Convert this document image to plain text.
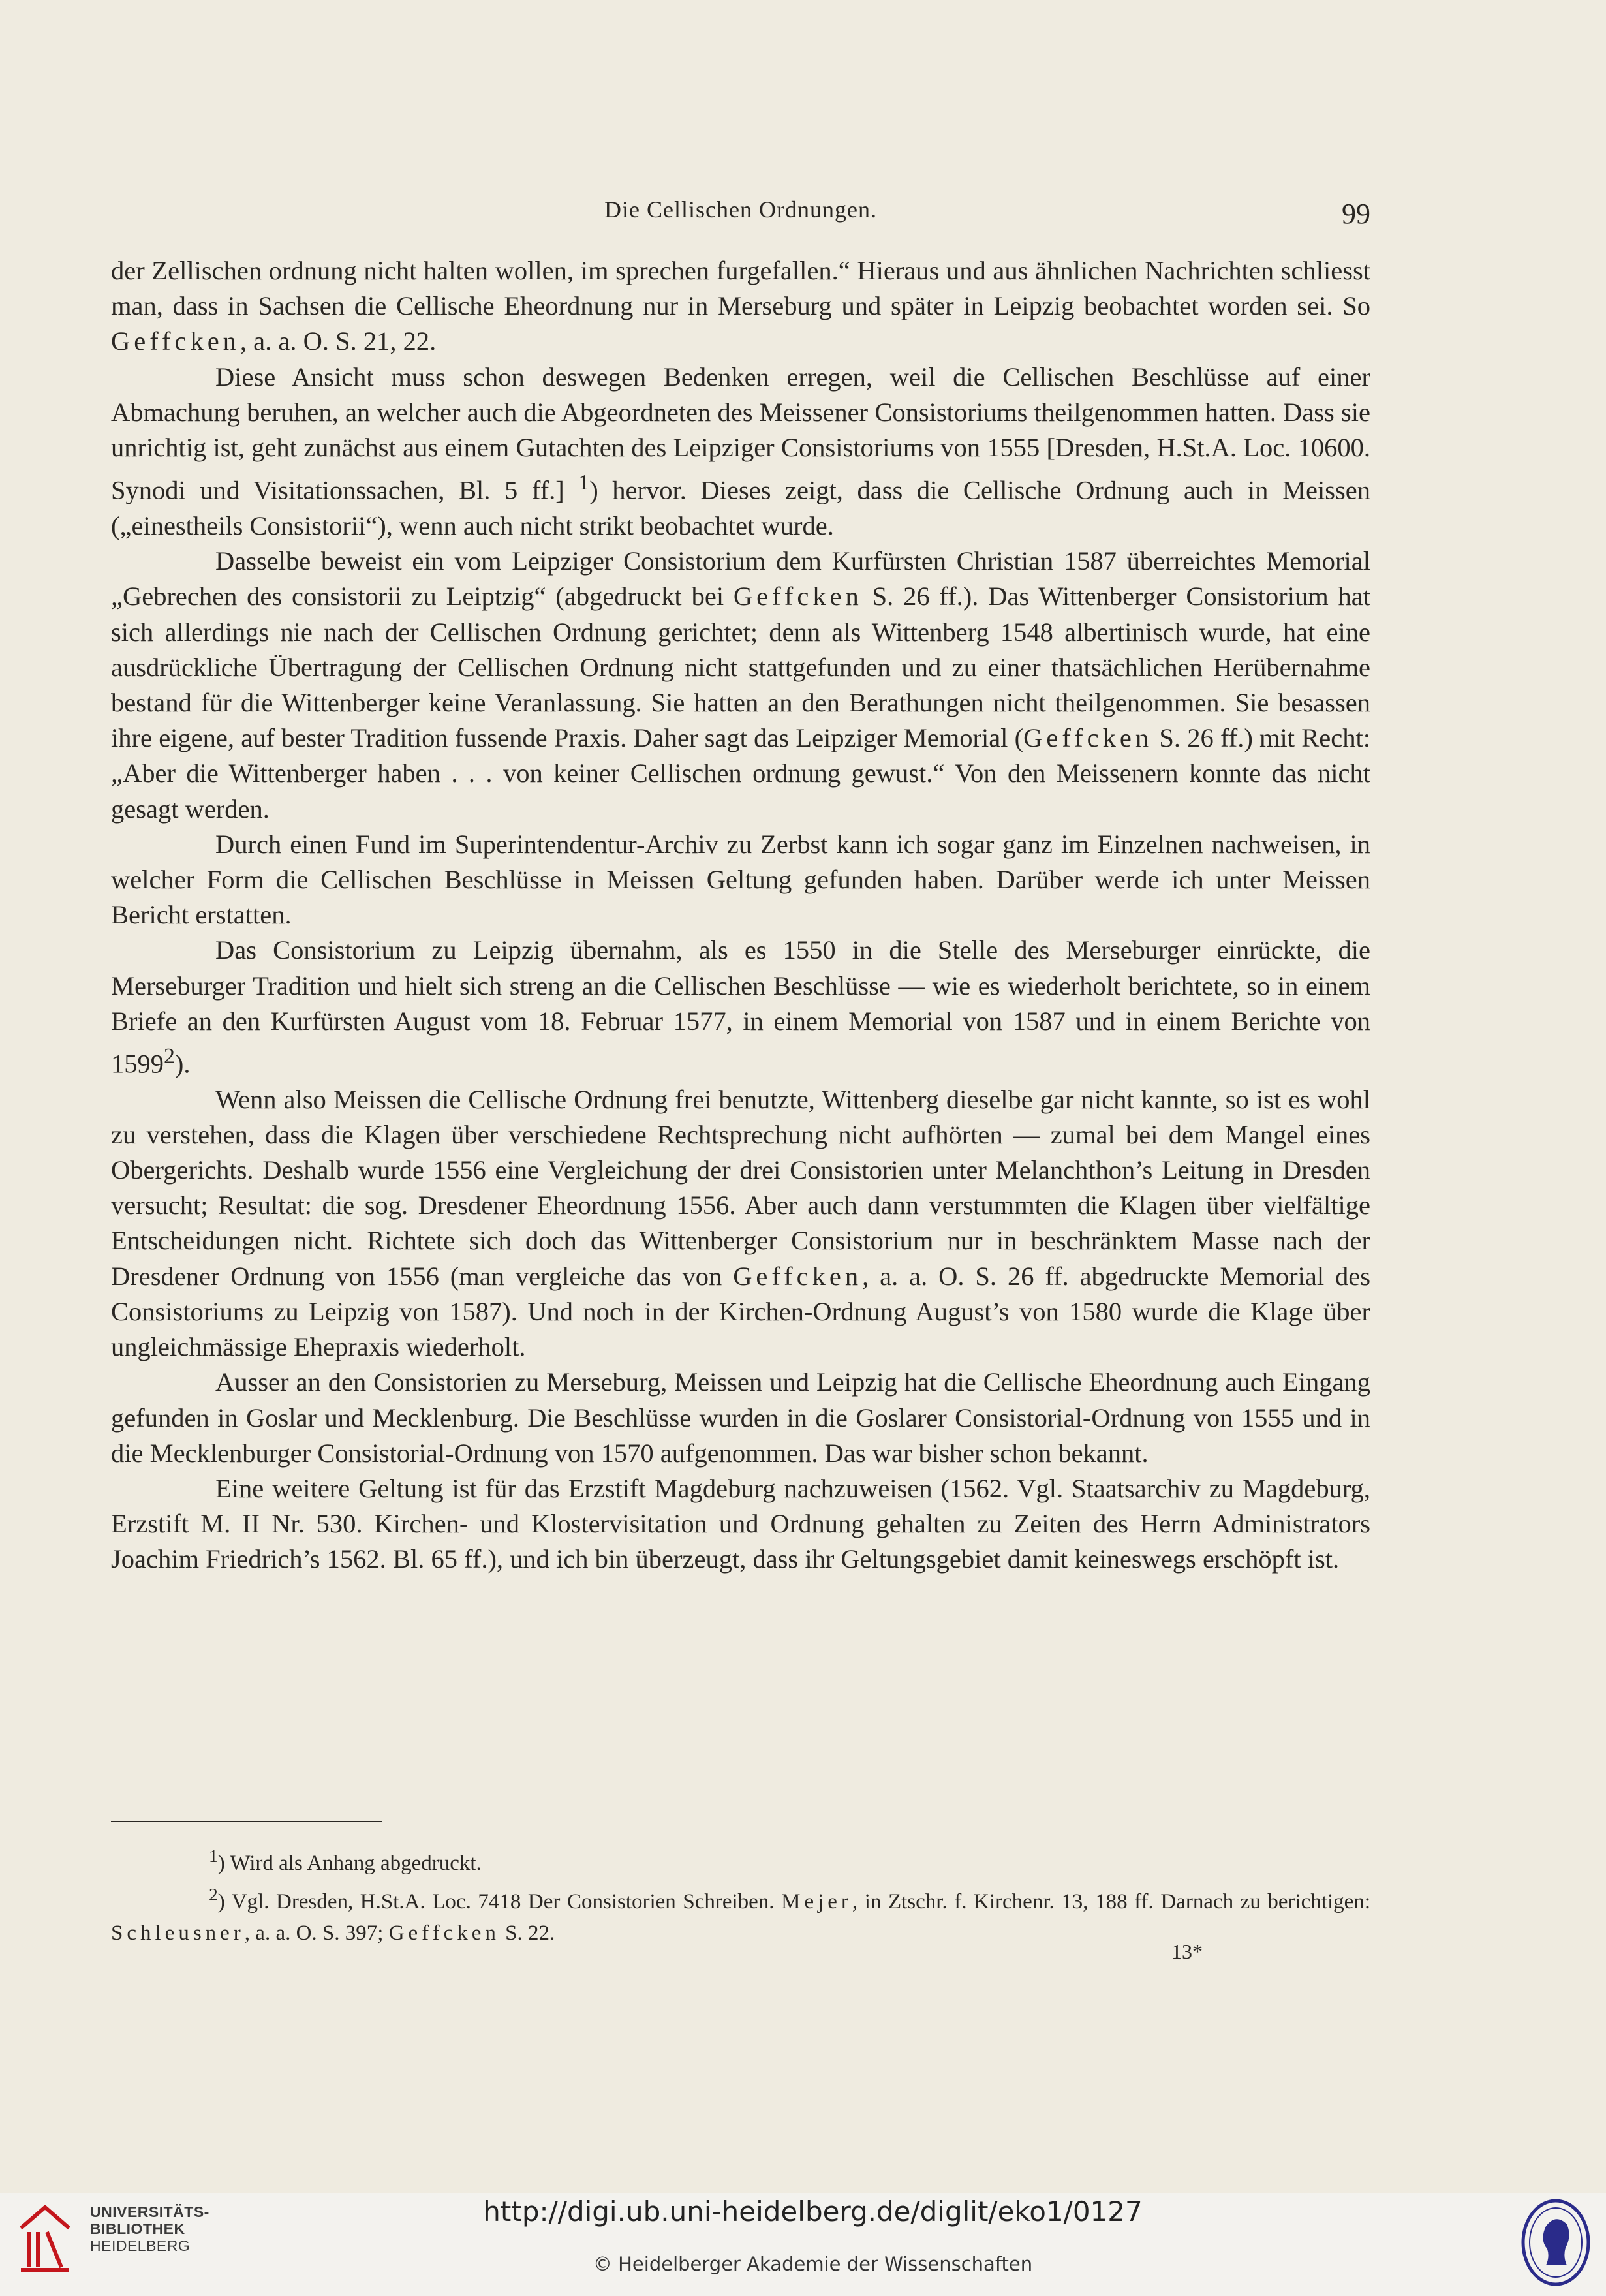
Die Cellischen Ordnungen.	99

der Zellischen ordnung nicht halten wollen, im sprechen furgefallen.“ Hieraus und aus ähnlichen Nachrichten schliesst man, dass in Sachsen die Cellische Eheordnung nur in Merseburg und später in Leipzig beobachtet worden sei. So Geffcken, a. a. O. S. 21, 22.

Diese Ansicht muss schon deswegen Bedenken erregen, weil die Cellischen Beschlüsse auf einer Abmachung beruhen, an welcher auch die Abgeordneten des Meissener Consistoriums theilgenommen hatten. Dass sie unrichtig ist, geht zunächst aus einem Gutachten des Leipziger Consistoriums von 1555 [Dresden, H.St.A. Loc. 10600. Synodi und Visitationssachen, Bl. 5 ff.] $^1$) hervor. Dieses zeigt, dass die Cellische Ordnung auch in Meissen („einestheils Consistorii“), wenn auch nicht strikt beobachtet wurde.

Dasselbe beweist ein vom Leipziger Consistorium dem Kurfürsten Christian 1587 überreichtes Memorial „Gebrechen des consistorii zu Leiptzig“ (abgedruckt bei Geffcken S. 26 ff.). Das Wittenberger Consistorium hat sich allerdings nie nach der Cellischen Ordnung gerichtet; denn als Wittenberg 1548 albertinisch wurde, hat eine ausdrückliche Übertragung der Cellischen Ordnung nicht stattgefunden und zu einer thatsächlichen Herübernahme bestand für die Wittenberger keine Veranlassung. Sie hatten an den Berathungen nicht theilgenommen. Sie besassen ihre eigene, auf bester Tradition fussende Praxis. Daher sagt das Leipziger Memorial (Geffcken S. 26 ff.) mit Recht: „Aber die Wittenberger haben . . . von keiner Cellischen ordnung gewust.“ Von den Meissenern konnte das nicht gesagt werden.

Durch einen Fund im Superintendentur-Archiv zu Zerbst kann ich sogar ganz im Einzelnen nachweisen, in welcher Form die Cellischen Beschlüsse in Meissen Geltung gefunden haben. Darüber werde ich unter Meissen Bericht erstatten.

Das Consistorium zu Leipzig übernahm, als es 1550 in die Stelle des Merseburger einrückte, die Merseburger Tradition und hielt sich streng an die Cellischen Beschlüsse — wie es wiederholt berichtete, so in einem Briefe an den Kurfürsten August vom 18. Februar 1577, in einem Memorial von 1587 und in einem Berichte von 1599$^2$).

Wenn also Meissen die Cellische Ordnung frei benutzte, Wittenberg dieselbe gar nicht kannte, so ist es wohl zu verstehen, dass die Klagen über verschiedene Rechtsprechung nicht aufhörten — zumal bei dem Mangel eines Obergerichts. Deshalb wurde 1556 eine Vergleichung der drei Consistorien unter Melanchthon’s Leitung in Dresden versucht; Resultat: die sog. Dresdener Eheordnung 1556. Aber auch dann verstummten die Klagen über vielfältige Entscheidungen nicht. Richtete sich doch das Wittenberger Consistorium nur in beschränktem Masse nach der Dresdener Ordnung von 1556 (man vergleiche das von Geffcken, a. a. O. S. 26 ff. abgedruckte Memorial des Consistoriums zu Leipzig von 1587). Und noch in der Kirchen-Ordnung August’s von 1580 wurde die Klage über ungleichmässige Ehepraxis wiederholt.

Ausser an den Consistorien zu Merseburg, Meissen und Leipzig hat die Cellische Eheordnung auch Eingang gefunden in Goslar und Mecklenburg. Die Beschlüsse wurden in die Goslarer Consistorial-Ordnung von 1555 und in die Mecklenburger Consistorial-Ordnung von 1570 aufgenommen. Das war bisher schon bekannt.

Eine weitere Geltung ist für das Erzstift Magdeburg nachzuweisen (1562. Vgl. Staatsarchiv zu Magdeburg, Erzstift M. II Nr. 530. Kirchen- und Klostervisitation und Ordnung gehalten zu Zeiten des Herrn Administrators Joachim Friedrich’s 1562. Bl. 65 ff.), und ich bin überzeugt, dass ihr Geltungsgebiet damit keineswegs erschöpft ist.

$^1$) Wird als Anhang abgedruckt.

$^2$) Vgl. Dresden, H.St.A. Loc. 7418 Der Consistorien Schreiben. Mejer, in Ztschr. f. Kirchenr. 13, 188 ff. Darnach zu berichtigen: Schleusner, a. a. O. S. 397; Geffcken S. 22.

13*
UNIVERSITÄTS-
BIBLIOTHEK
HEIDELBERG
http://digi.ub.uni-heidelberg.de/diglit/eko1/0127
© Heidelberger Akademie der Wissenschaften
